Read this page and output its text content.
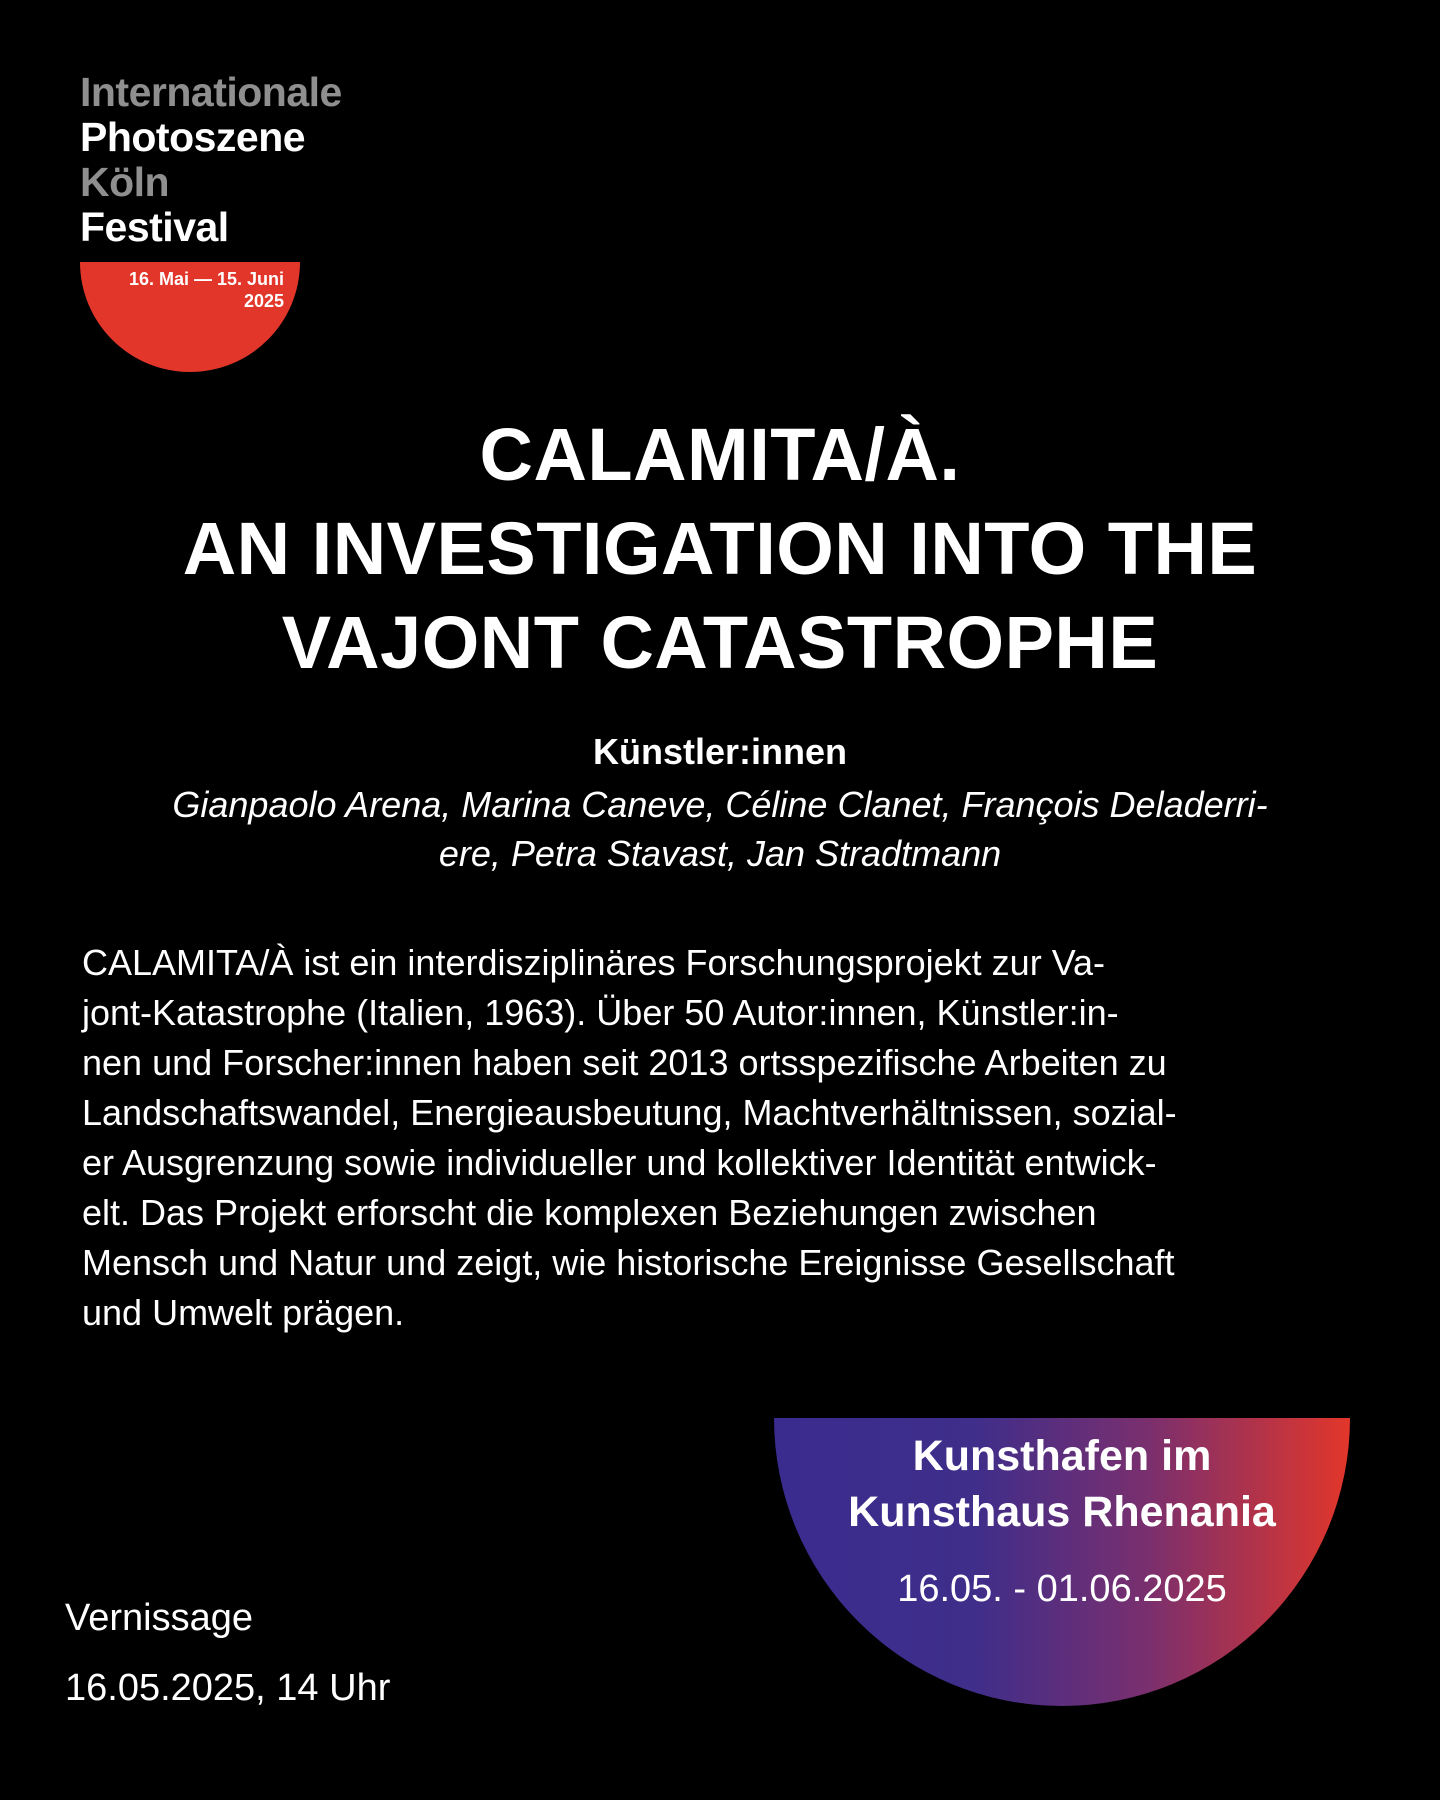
Internationale
Photoszene
Köln
Festival
16. Mai — 15. Juni
2025
CALAMITA/À.
AN INVESTIGATION INTO THE
VAJONT CATASTROPHE
Künstler:innen
Gianpaolo Arena, Marina Caneve, Céline Clanet, François Deladerri-
ere, Petra Stavast, Jan Stradtmann
CALAMITA/À ist ein interdisziplinäres Forschungsprojekt zur Va-
jont-Katastrophe (Italien, 1963). Über 50 Autor:innen, Künstler:in-
nen und Forscher:innen haben seit 2013 ortsspezifische Arbeiten zu
Landschaftswandel, Energieausbeutung, Machtverhältnissen, sozial-
er Ausgrenzung sowie individueller und kollektiver Identität entwick-
elt. Das Projekt erforscht die komplexen Beziehungen zwischen
Mensch und Natur und zeigt, wie historische Ereignisse Gesellschaft
und Umwelt prägen.
Kunsthafen im
Kunsthaus Rhenania
16.05. - 01.06.2025
Vernissage
16.05.2025, 14 Uhr
